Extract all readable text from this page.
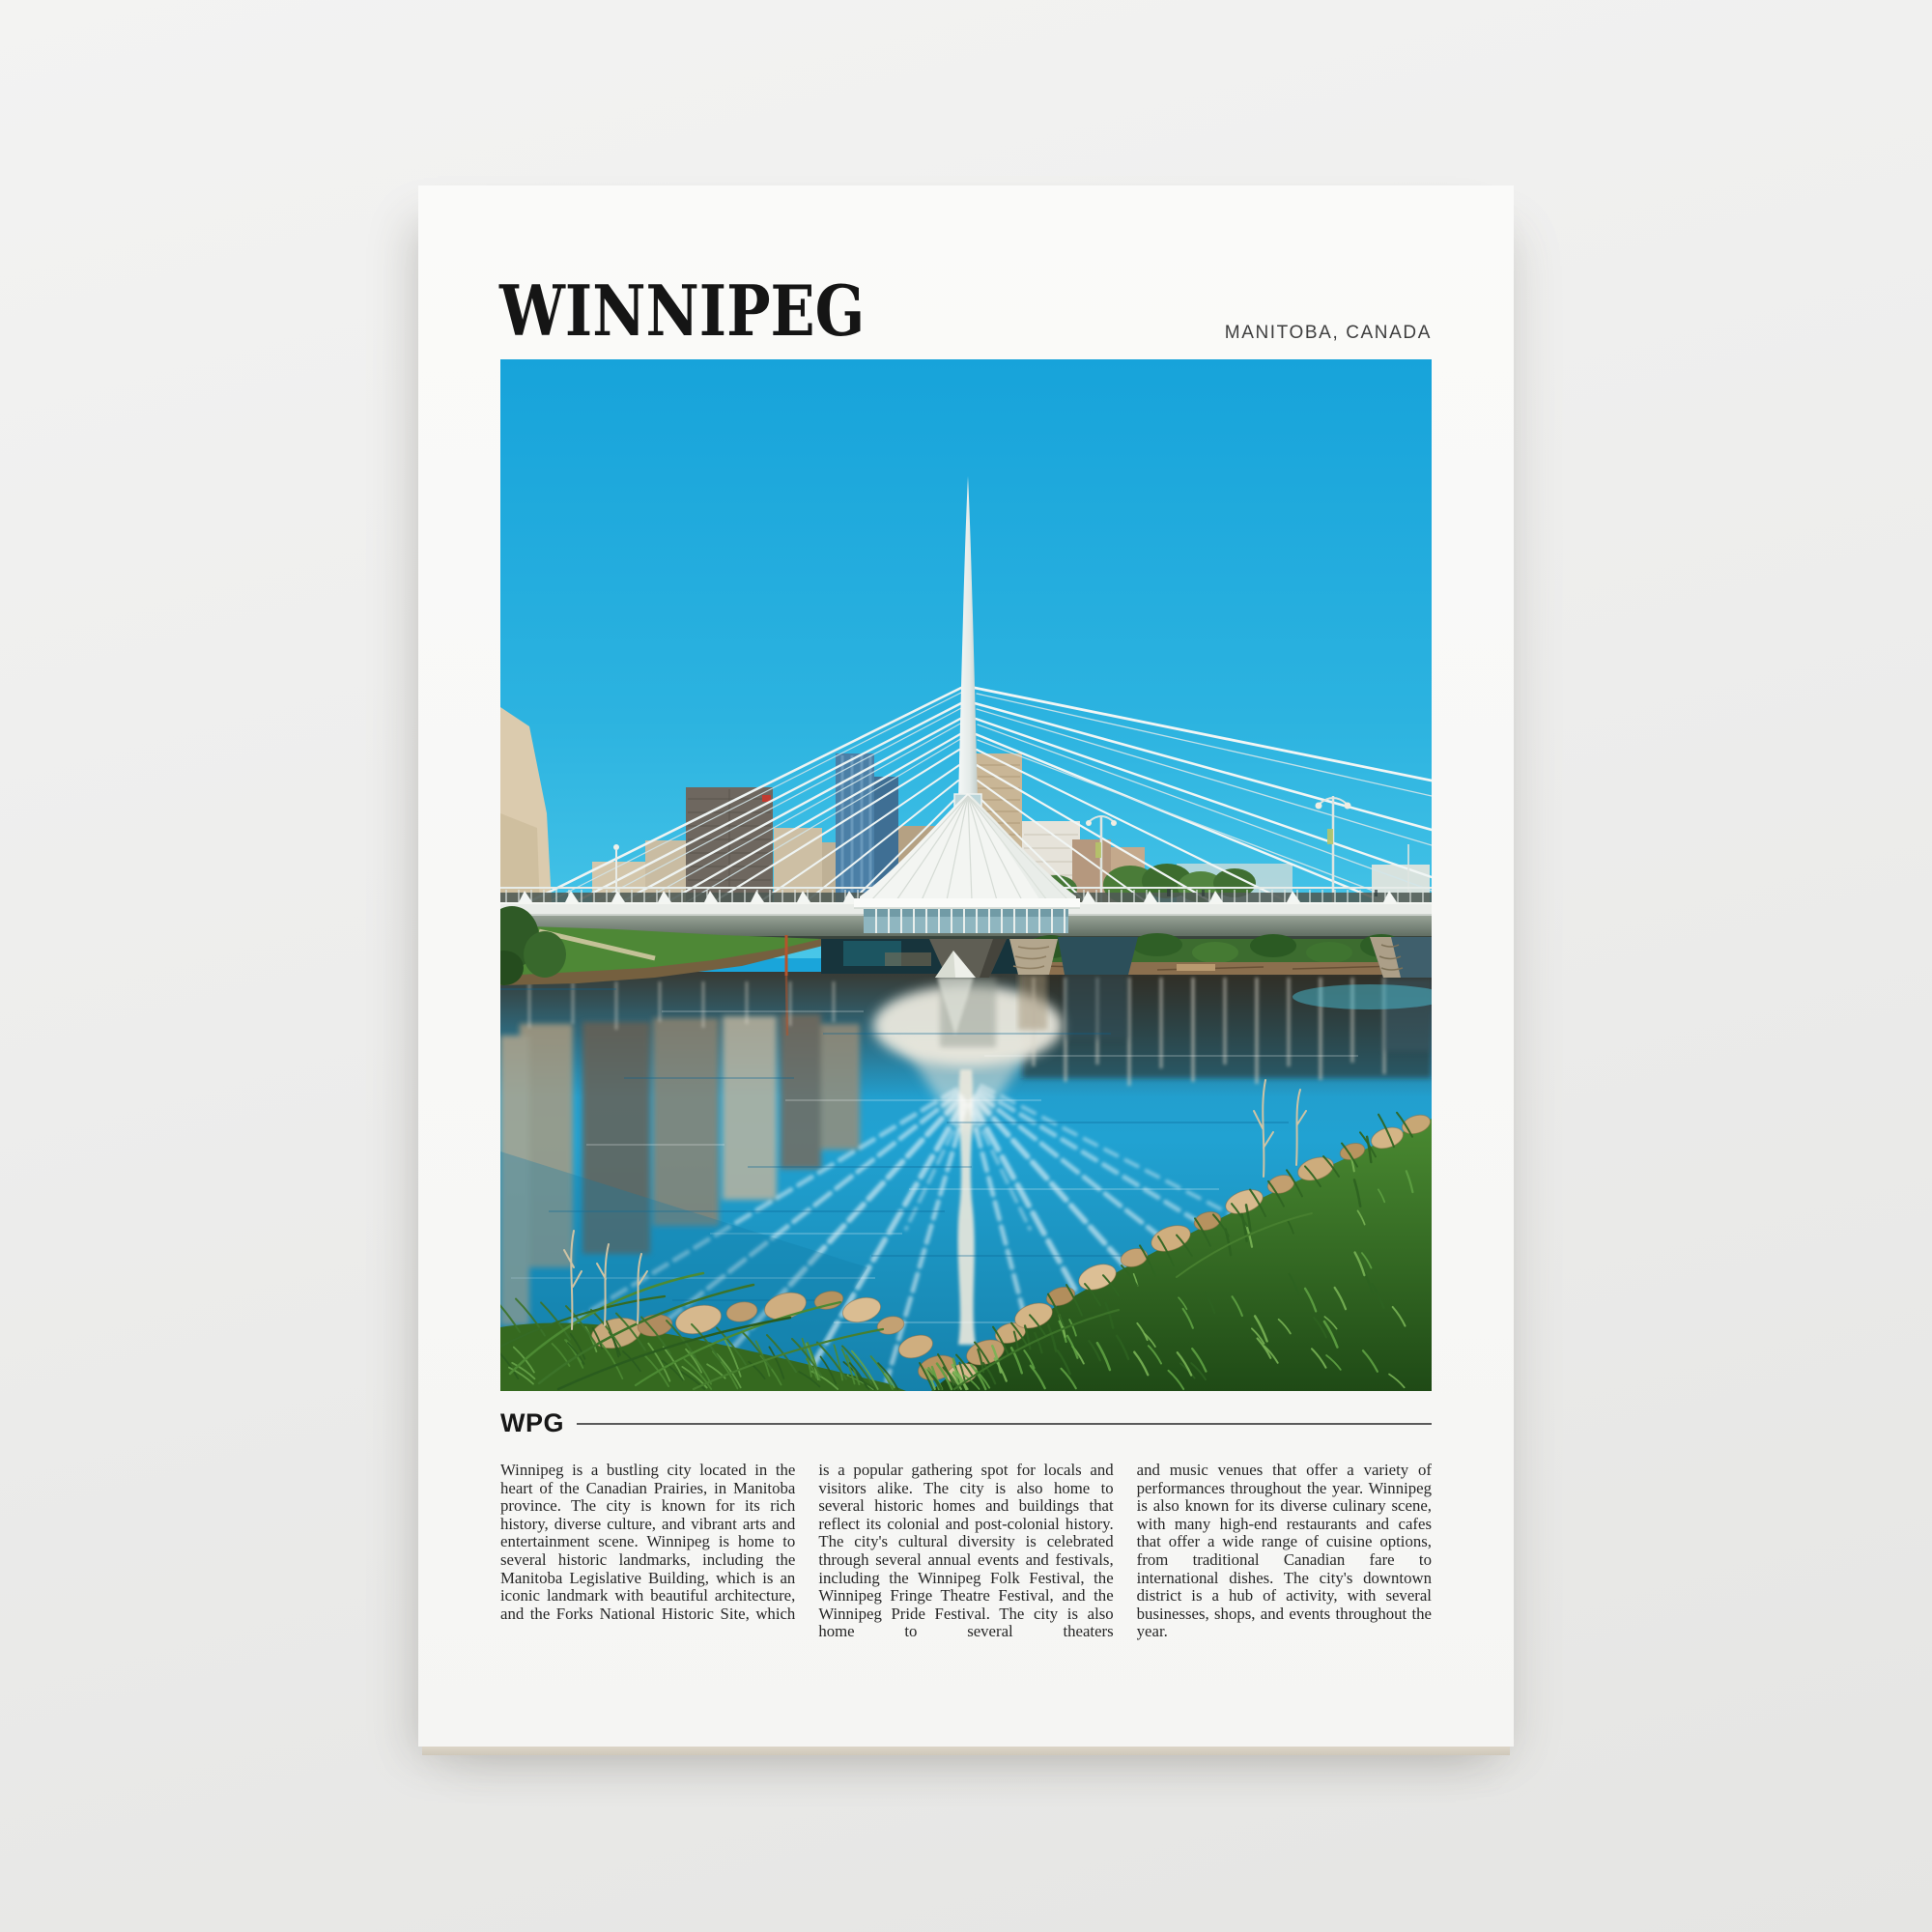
WINNIPEG	MANITOBA, CANADA
WPG
Winnipeg is a bustling city located in the heart of the Canadian Prairies, in Manitoba province. The city is known for its rich history, diverse culture, and vibrant arts and entertainment scene. Winnipeg is home to several historic landmarks, including the Manitoba Legislative Building, which is an iconic landmark with beautiful architecture, and the Forks National Historic Site, which
is a popular gathering spot for locals and visitors alike. The city is also home to several historic homes and buildings that reflect its colonial and post-colonial history. The city's cultural diversity is celebrated through several annual events and festivals, including the Winnipeg Folk Festival, the Winnipeg Fringe Theatre Festival, and the Winnipeg Pride Festival. The city is also home to several theaters
and music venues that offer a variety of performances throughout the year. Winnipeg is also known for its diverse culinary scene, with many high-end restaurants and cafes that offer a wide range of cuisine options, from traditional Canadian fare to international dishes. The city's downtown district is a hub of activity, with several businesses, shops, and events throughout the year.
